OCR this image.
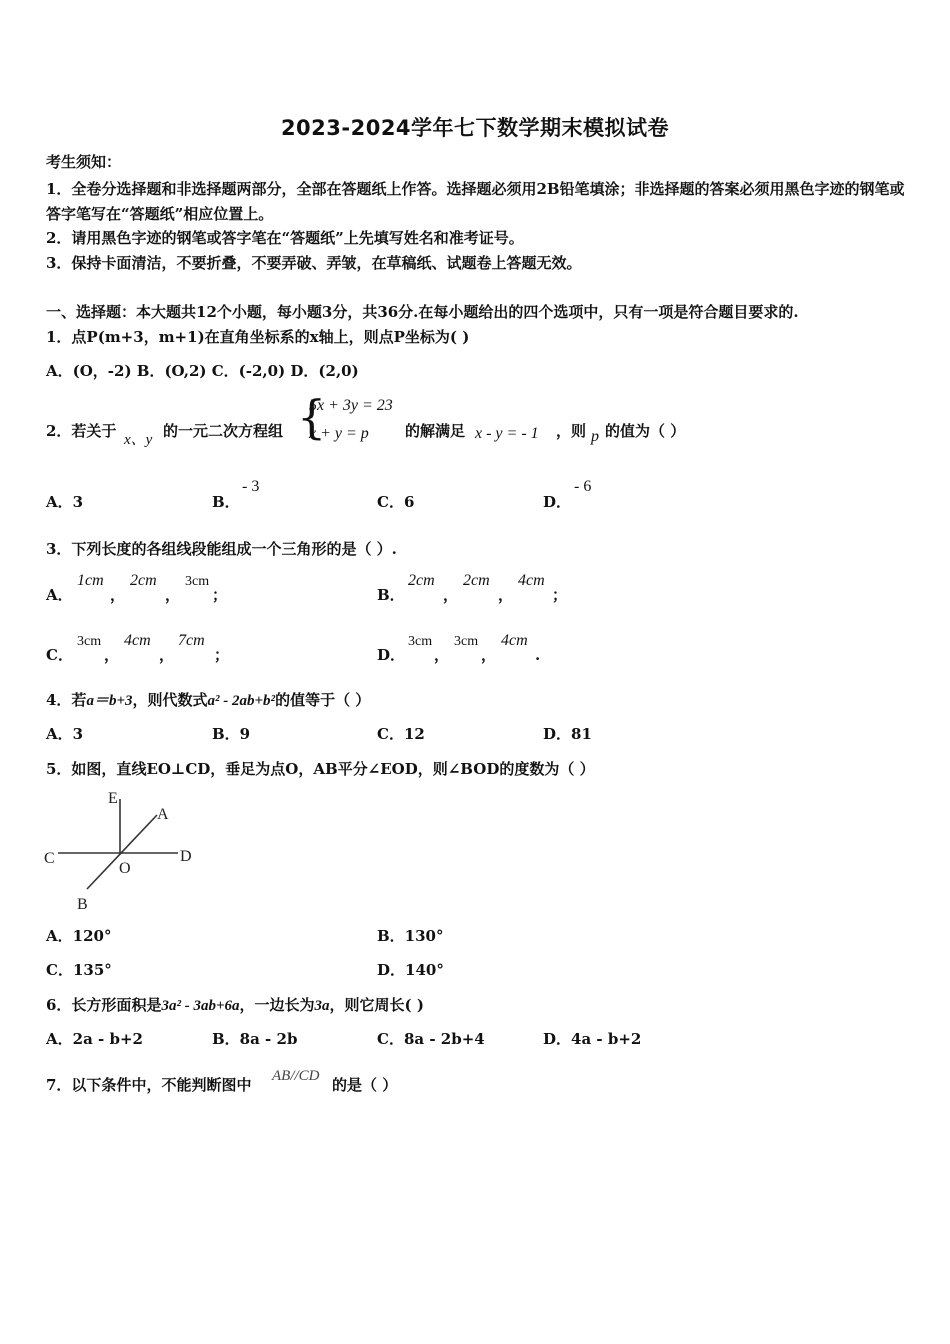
2023-2024学年七下数学期末模拟试卷
考生须知：
1．全卷分选择题和非选择题两部分，全部在答题纸上作答。选择题必须用2B铅笔填涂；非选择题的答案必须用黑色字迹的钢笔或答字笔写在“答题纸”相应位置上。
2．请用黑色字迹的钢笔或答字笔在“答题纸”上先填写姓名和准考证号。
3．保持卡面清洁，不要折叠，不要弄破、弄皱，在草稿纸、试题卷上答题无效。
一、选择题：本大题共12个小题，每小题3分，共36分.在每小题给出的四个选项中，只有一项是符合题目要求的.
1．点P(m+3，m+1)在直角坐标系的x轴上，则点P坐标为( )
A．(O，-2) B．(O,2) C．(-2,0) D．(2,0)
2．若关于 x、y 的一元二次方程组 {
5x + 3y = 23
x + y = p 的解满足 x - y = - 1 ，则 p 的值为（ ）
A．3	B．
- 3
C．6	D．
- 6
3．下列长度的各组线段能组成一个三角形的是（ ）.
A．
1cm
，
2cm
，
3cm
；	B．
2cm
，
2cm
，
4cm
；
C．
3cm
，
4cm
，
7cm
；	D．
3cm
，
3cm
，
4cm
.
4．若a＝b+3，则代数式a² - 2ab+b²的值等于（ ）
A．3	B．9	C．12	D．81
5．如图，直线EO⊥CD，垂足为点O，AB平分∠EOD，则∠BOD的度数为（ ）
E
A
C	D
O
B
A．120°	B．130°
C．135°	D．140°
6．长方形面积是3a² - 3ab+6a，一边长为3a，则它周长( )
A．2a - b+2	B．8a - 2b	C．8a - 2b+4	D．4a - b+2
7．以下条件中，不能判断图中 AB//CD 的是（ ）
